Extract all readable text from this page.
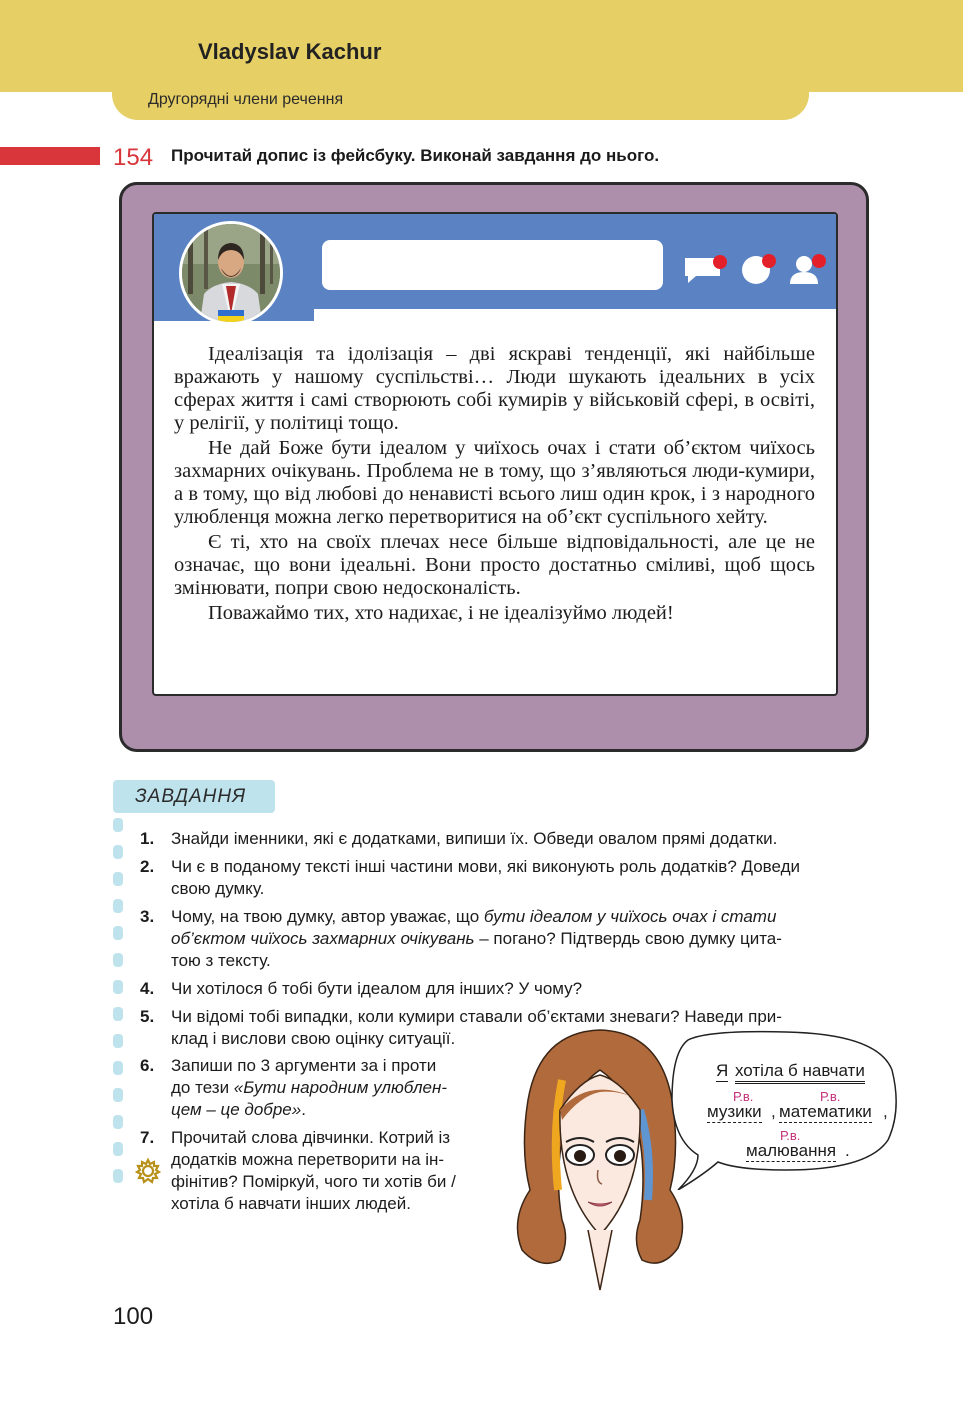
Другорядні члени речення
154 Прочитай допис із фейсбуку. Виконай завдання до нього.
Vladyslav Kachur

Ідеалізація та ідолізація – дві яскраві тенденції, які найбільше вражають у нашому суспільстві… Люди шукають ідеальних в усіх сферах життя і самі створюють собі кумирів у військовій сфері, в освіті, у релігії, у політиці тощо.

Не дай Боже бути ідеалом у чиїхось очах і стати об’єктом чиїхось захмарних очікувань. Проблема не в тому, що з’являються люди-кумири, а в тому, що від любові до ненависті всього лиш один крок, і з народного улюбленця можна легко перетворитися на об’єкт суспільного хейту.

Є ті, хто на своїх плечах несе більше відповідальності, але це не означає, що вони ідеальні. Вони просто достатньо сміливі, щоб щось змінювати, попри свою недосконалість.

Поважаймо тих, хто надихає, і не ідеалізуймо людей!

ЗАВДАННЯ
1. Знайди іменники, які є додатками, випиши їх. Обведи овалом прямі додатки.
2. Чи є в поданому тексті інші частини мови, які виконують роль додатків? Доведи
свою думку.
3. Чому, на твою думку, автор уважає, що бути ідеалом у чиїхось очах і стати
об’єктом чиїхось захмарних очікувань – погано? Підтвердь свою думку цита-
тою з тексту.
4. Чи хотілося б тобі бути ідеалом для інших? У чому?
5. Чи відомі тобі випадки, коли кумири ставали об’єктами зневаги? Наведи при-
клад і вислови свою оцінку ситуації.
6. Запиши по 3 аргументи за і проти
до тези «Бути народним улюблен-
цем – це добре».
7. Прочитай слова дівчинки. Котрий із
додатків можна перетворити на ін-
фінітив? Поміркуй, чого ти хотів би /
хотіла б навчати інших людей.
Я хотіла б навчати
Р.в.	Р.в.
музики , математики ,
Р.в.
малювання .
100
